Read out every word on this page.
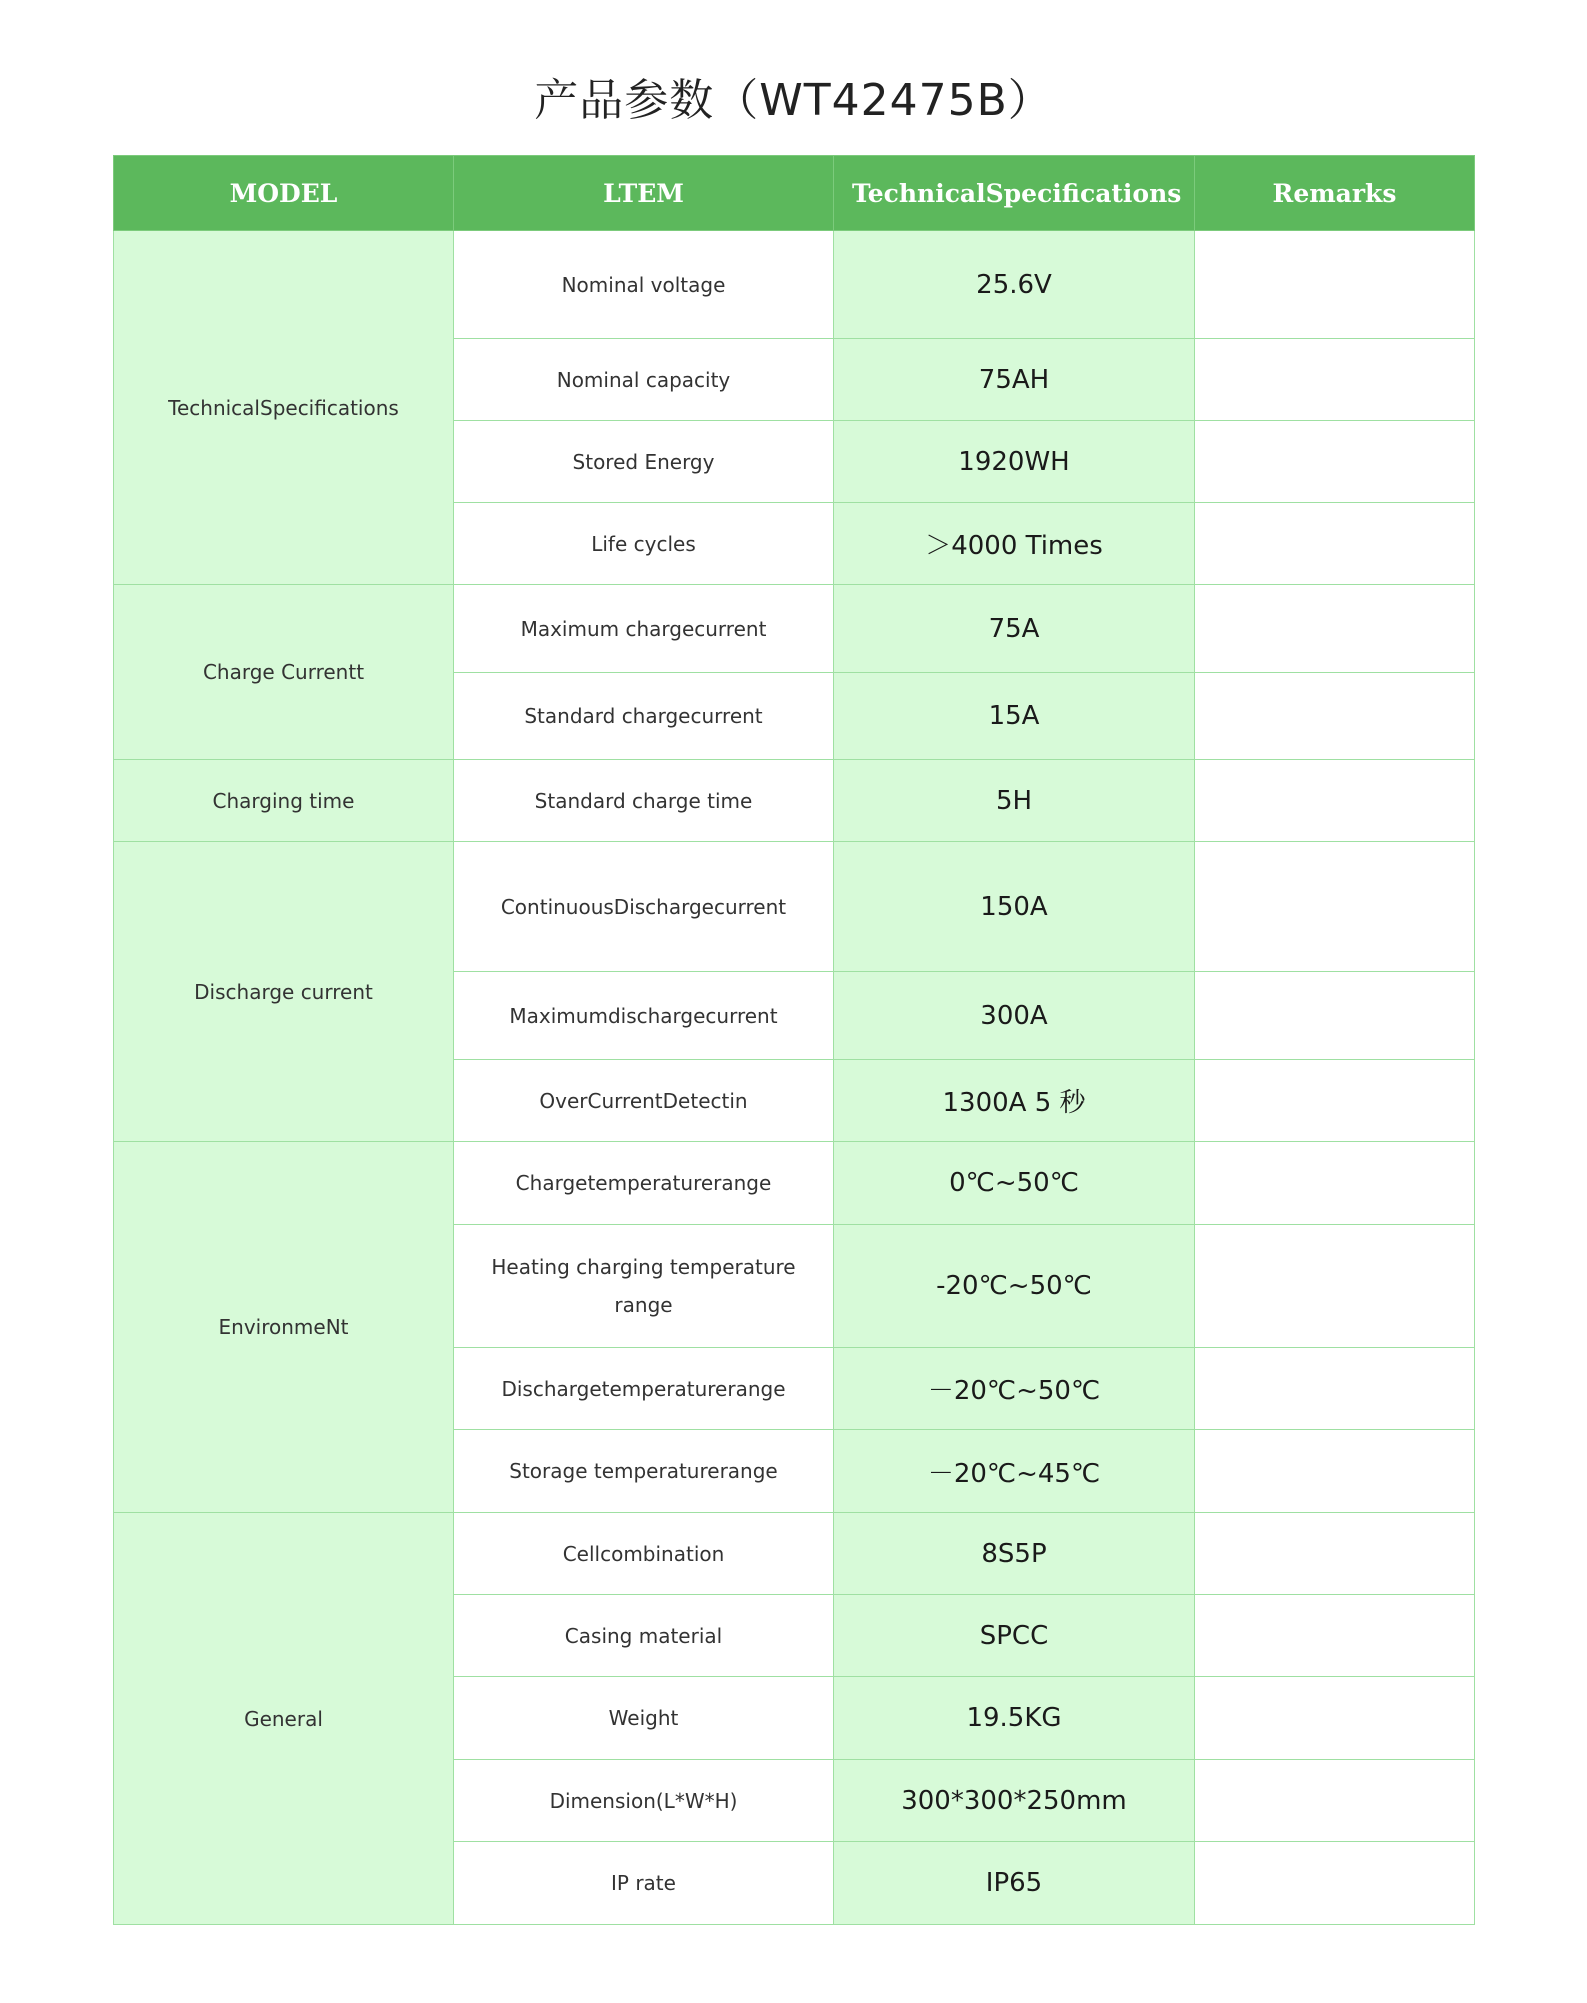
产品参数（WT42475B）
MODEL	LTEM	TechnicalSpecifications	Remarks
TechnicalSpecifications	Nominal voltage	25.6V	
	Nominal capacity	75AH	
	Stored Energy	1920WH	
	Life cycles	＞4000 Times	
Charge Currentt	Maximum chargecurrent	75A	
	Standard chargecurrent	15A	
Charging time	Standard charge time	5H	
Discharge current	ContinuousDischargecurrent	150A	
	Maximumdischargecurrent	300A	
	OverCurrentDetectin	1300A 5 秒	
EnvironmeNt	Chargetemperaturerange	0℃~50℃	
	Heating charging temperature range	-20℃~50℃	
	Dischargetemperaturerange	－20℃~50℃	
	Storage temperaturerange	－20℃~45℃	
General	Cellcombination	8S5P	
	Casing material	SPCC	
	Weight	19.5KG	
	Dimension(L*W*H)	300*300*250mm	
	IP rate	IP65	
